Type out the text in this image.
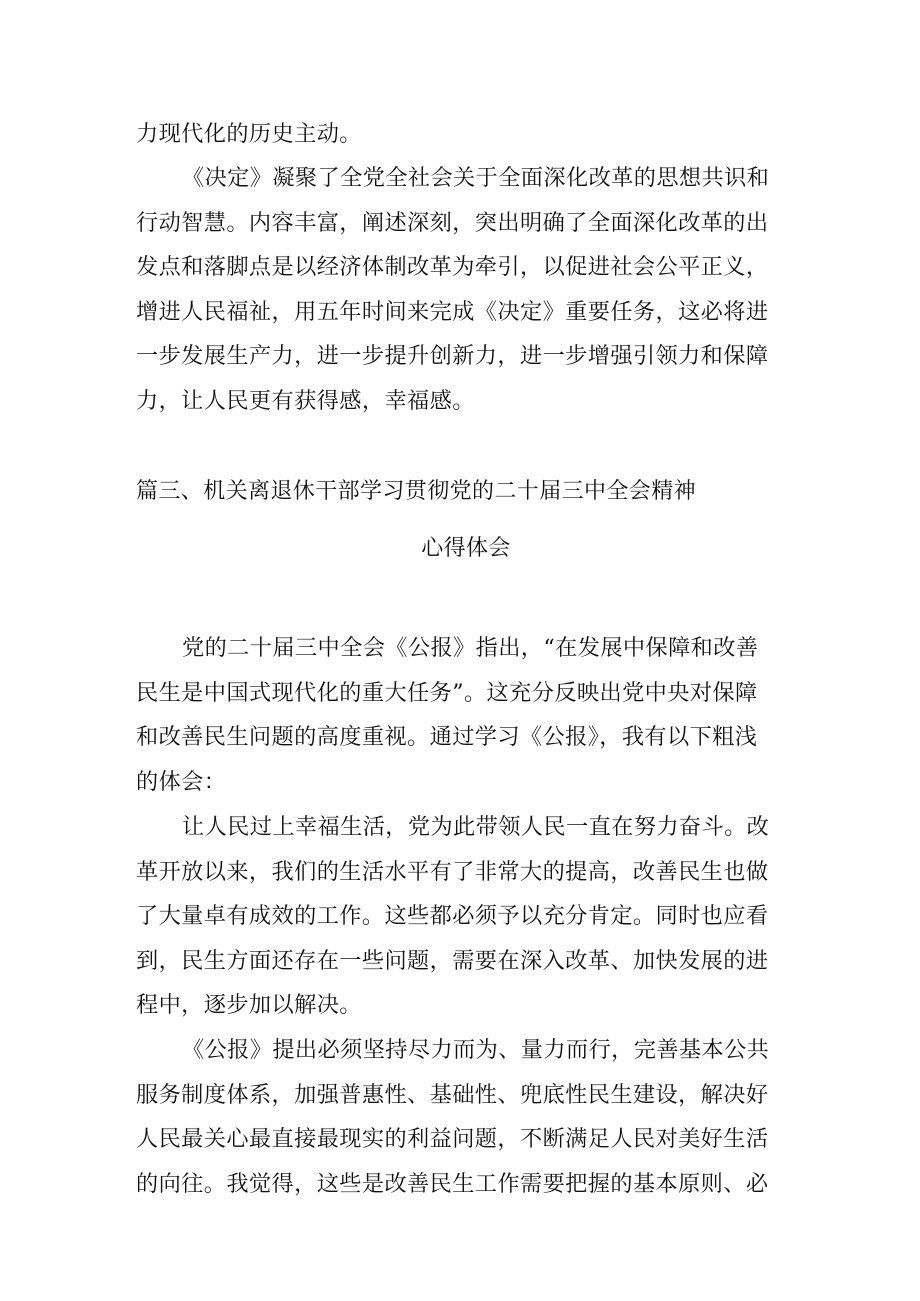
力现代化的历史主动。
《决定》凝聚了全党全社会关于全面深化改革的思想共识和
行动智慧。内容丰富，阐述深刻，突出明确了全面深化改革的出
发点和落脚点是以经济体制改革为牵引，以促进社会公平正义，
增进人民福祉，用五年时间来完成《决定》重要任务，这必将进
一步发展生产力，进一步提升创新力，进一步增强引领力和保障
力，让人民更有获得感，幸福感。
篇三、机关离退休干部学习贯彻党的二十届三中全会精神
心得体会
党的二十届三中全会《公报》指出，“在发展中保障和改善
民生是中国式现代化的重大任务”。这充分反映出党中央对保障
和改善民生问题的高度重视。通过学习《公报》，我有以下粗浅
的体会：
让人民过上幸福生活，党为此带领人民一直在努力奋斗。改
革开放以来，我们的生活水平有了非常大的提高，改善民生也做
了大量卓有成效的工作。这些都必须予以充分肯定。同时也应看
到，民生方面还存在一些问题，需要在深入改革、加快发展的进
程中，逐步加以解决。
《公报》提出必须坚持尽力而为、量力而行，完善基本公共
服务制度体系，加强普惠性、基础性、兜底性民生建设，解决好
人民最关心最直接最现实的利益问题，不断满足人民对美好生活
的向往。我觉得，这些是改善民生工作需要把握的基本原则、必
